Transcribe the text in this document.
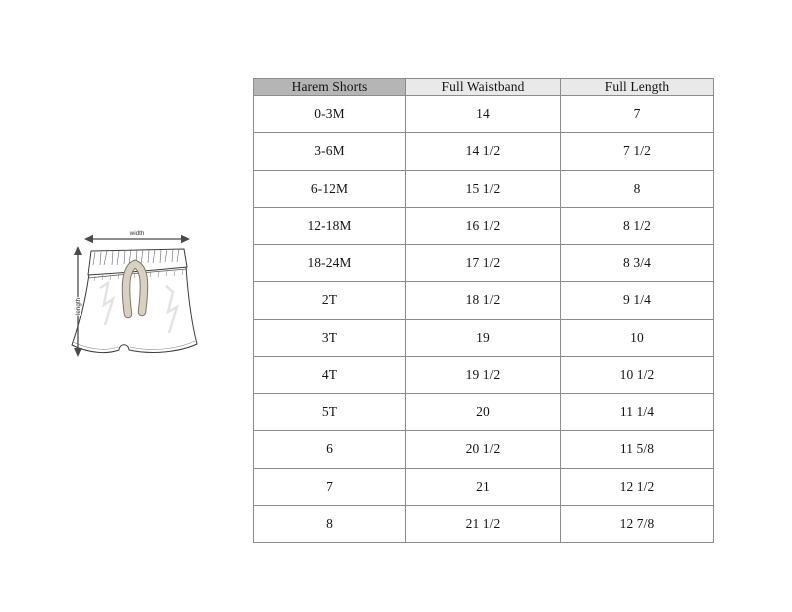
width
length
Harem Shorts	Full Waistband	Full Length
0-3M	14	7
3-6M	14 1/2	7 1/2
6-12M	15 1/2	8
12-18M	16 1/2	8 1/2
18-24M	17 1/2	8 3/4
2T	18 1/2	9 1/4
3T	19	10
4T	19 1/2	10 1/2
5T	20	11 1/4
6	20 1/2	11 5/8
7	21	12 1/2
8	21 1/2	12 7/8
